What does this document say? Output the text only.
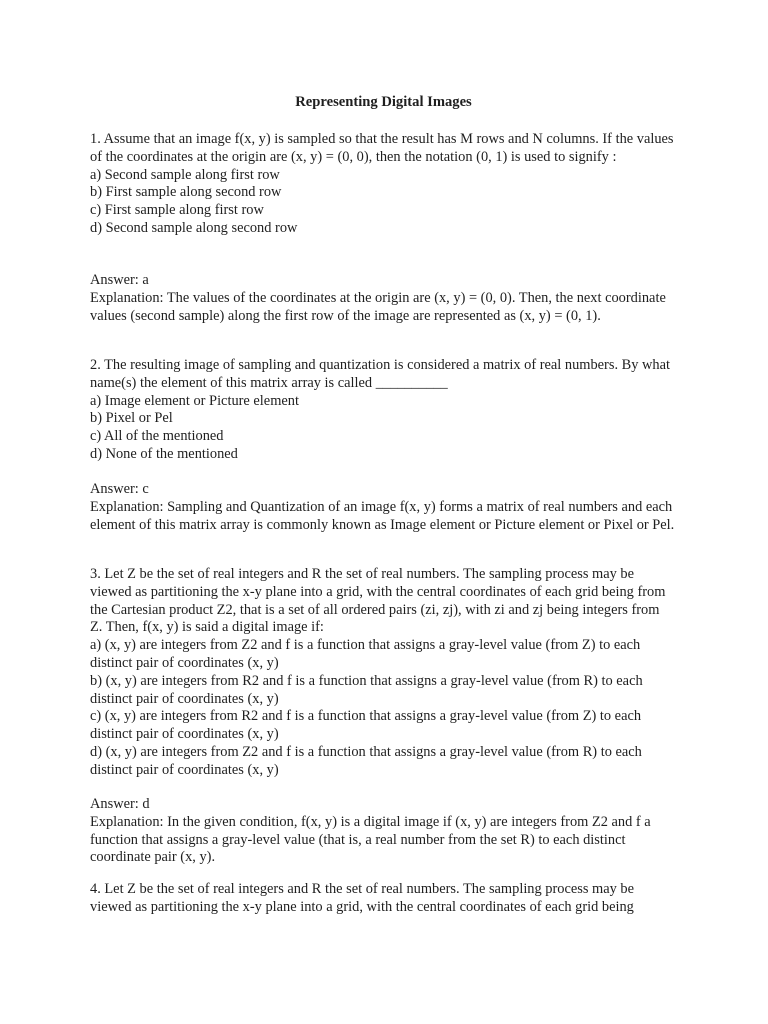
Representing Digital Images

1. Assume that an image f(x, y) is sampled so that the result has M rows and N columns. If the values of the coordinates at the origin are (x, y) = (0, 0), then the notation (0, 1) is used to signify :

a) Second sample along first row
b) First sample along second row
c) First sample along first row
d) Second sample along second row
Answer: a

Explanation: The values of the coordinates at the origin are (x, y) = (0, 0). Then, the next coordinate values (second sample) along the first row of the image are represented as (x, y) = (0, 1).

2. The resulting image of sampling and quantization is considered a matrix of real numbers. By what name(s) the element of this matrix array is called __________

a) Image element or Picture element
b) Pixel or Pel
c) All of the mentioned
d) None of the mentioned
Answer: c

Explanation: Sampling and Quantization of an image f(x, y) forms a matrix of real numbers and each element of this matrix array is commonly known as Image element or Picture element or Pixel or Pel.

3. Let Z be the set of real integers and R the set of real numbers. The sampling process may be viewed as partitioning the x-y plane into a grid, with the central coordinates of each grid being from the Cartesian product Z2, that is a set of all ordered pairs (zi, zj), with zi and zj being integers from Z. Then, f(x, y) is said a digital image if:

a) (x, y) are integers from Z2 and f is a function that assigns a gray-level value (from Z) to each distinct pair of coordinates (x, y)

b) (x, y) are integers from R2 and f is a function that assigns a gray-level value (from R) to each distinct pair of coordinates (x, y)

c) (x, y) are integers from R2 and f is a function that assigns a gray-level value (from Z) to each distinct pair of coordinates (x, y)

d) (x, y) are integers from Z2 and f is a function that assigns a gray-level value (from R) to each distinct pair of coordinates (x, y)

Answer: d

Explanation: In the given condition, f(x, y) is a digital image if (x, y) are integers from Z2 and f a function that assigns a gray-level value (that is, a real number from the set R) to each distinct coordinate pair (x, y).

4. Let Z be the set of real integers and R the set of real numbers. The sampling process may be viewed as partitioning the x-y plane into a grid, with the central coordinates of each grid being
